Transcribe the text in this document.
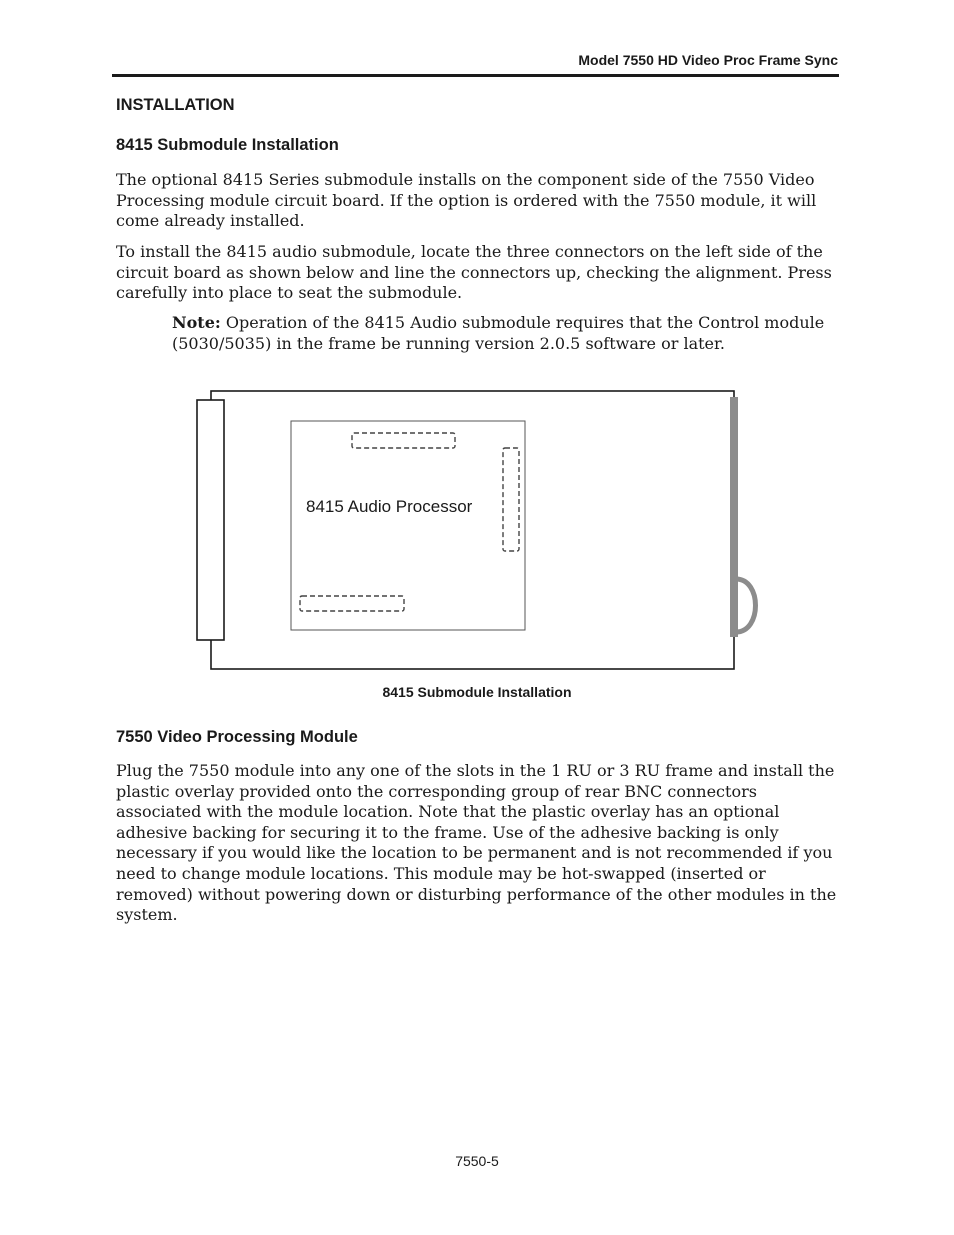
Model 7550 HD Video Proc Frame Sync
INSTALLATION
8415 Submodule Installation

The optional 8415 Series submodule installs on the component side of the 7550 Video Processing module circuit board. If the option is ordered with the 7550 module, it will come already installed.

To install the 8415 audio submodule, locate the three connectors on the left side of the circuit board as shown below and line the connectors up, checking the alignment. Press carefully into place to seat the submodule.

Note: Operation of the 8415 Audio submodule requires that the Control module (5030/5035) in the frame be running version 2.0.5 software or later.

8415 Audio Processor
8415 Submodule Installation
7550 Video Processing Module

Plug the 7550 module into any one of the slots in the 1 RU or 3 RU frame and install the plastic overlay provided onto the corresponding group of rear BNC connectors associated with the module location. Note that the plastic overlay has an optional adhesive backing for securing it to the frame. Use of the adhesive backing is only necessary if you would like the location to be permanent and is not recommended if you need to change module locations. This module may be hot-swapped (inserted or removed) without powering down or disturbing performance of the other modules in the system.

7550-5
